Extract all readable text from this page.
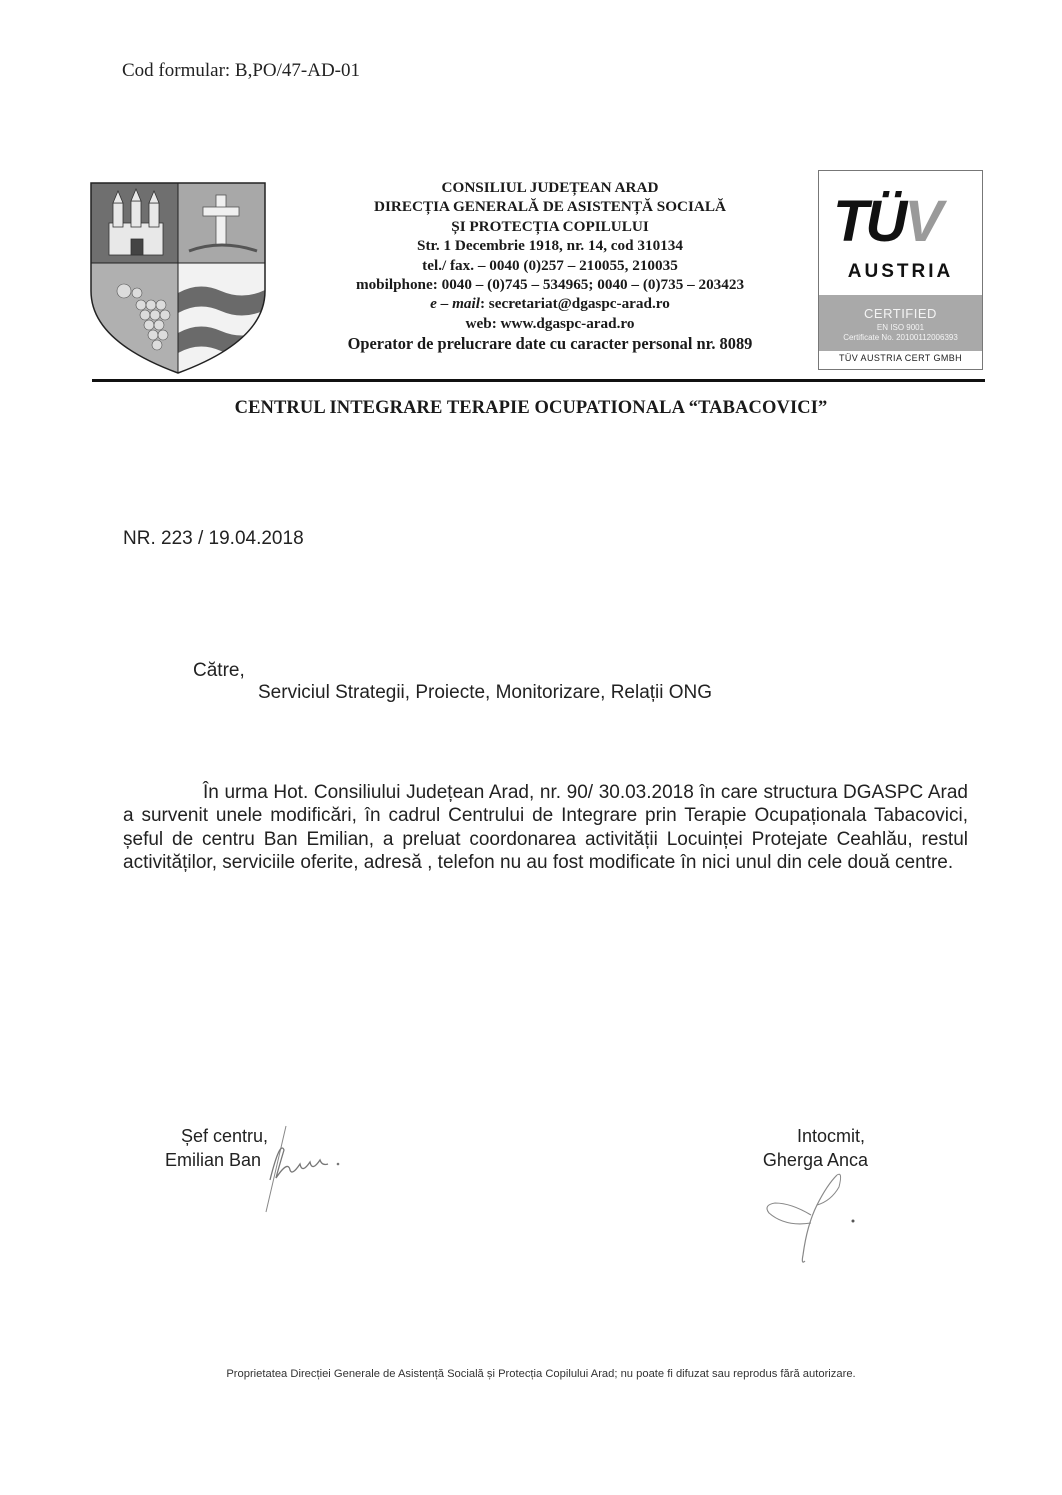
Cod formular: B,PO/47-AD-01
CONSILIUL JUDEȚEAN ARAD
DIRECȚIA GENERALĂ DE ASISTENȚĂ SOCIALĂ
ȘI PROTECȚIA COPILULUI
Str. 1 Decembrie 1918, nr. 14, cod 310134
tel./ fax. – 0040 (0)257 – 210055, 210035
mobilphone: 0040 – (0)745 – 534965; 0040 – (0)735 – 203423
e – mail: secretariat@dgaspc-arad.ro
web: www.dgaspc-arad.ro
Operator de prelucrare date cu caracter personal nr. 8089
TÜV
AUSTRIA
CERTIFIED
EN ISO 9001
Certificate No. 20100112006393
TÜV AUSTRIA CERT GMBH
CENTRUL INTEGRARE TERAPIE OCUPATIONALA “TABACOVICI”
NR. 223 / 19.04.2018
Către,
Serviciul Strategii, Proiecte, Monitorizare, Relații ONG
În urma Hot. Consiliului Județean Arad, nr. 90/ 30.03.2018 în care structura DGASPC Arad a survenit unele modificări, în cadrul Centrului de Integrare prin Terapie Ocupaționala Tabacovici, șeful de centru Ban Emilian, a preluat coordonarea activității Locuinței Protejate Ceahlău, restul activităților, serviciile oferite, adresă , telefon nu au fost modificate în nici unul din cele două centre.
Șef centru,
Emilian Ban
Intocmit,
Gherga Anca
Proprietatea Direcției Generale de Asistență Socială și Protecția Copilului Arad; nu poate fi difuzat sau reprodus fără autorizare.
